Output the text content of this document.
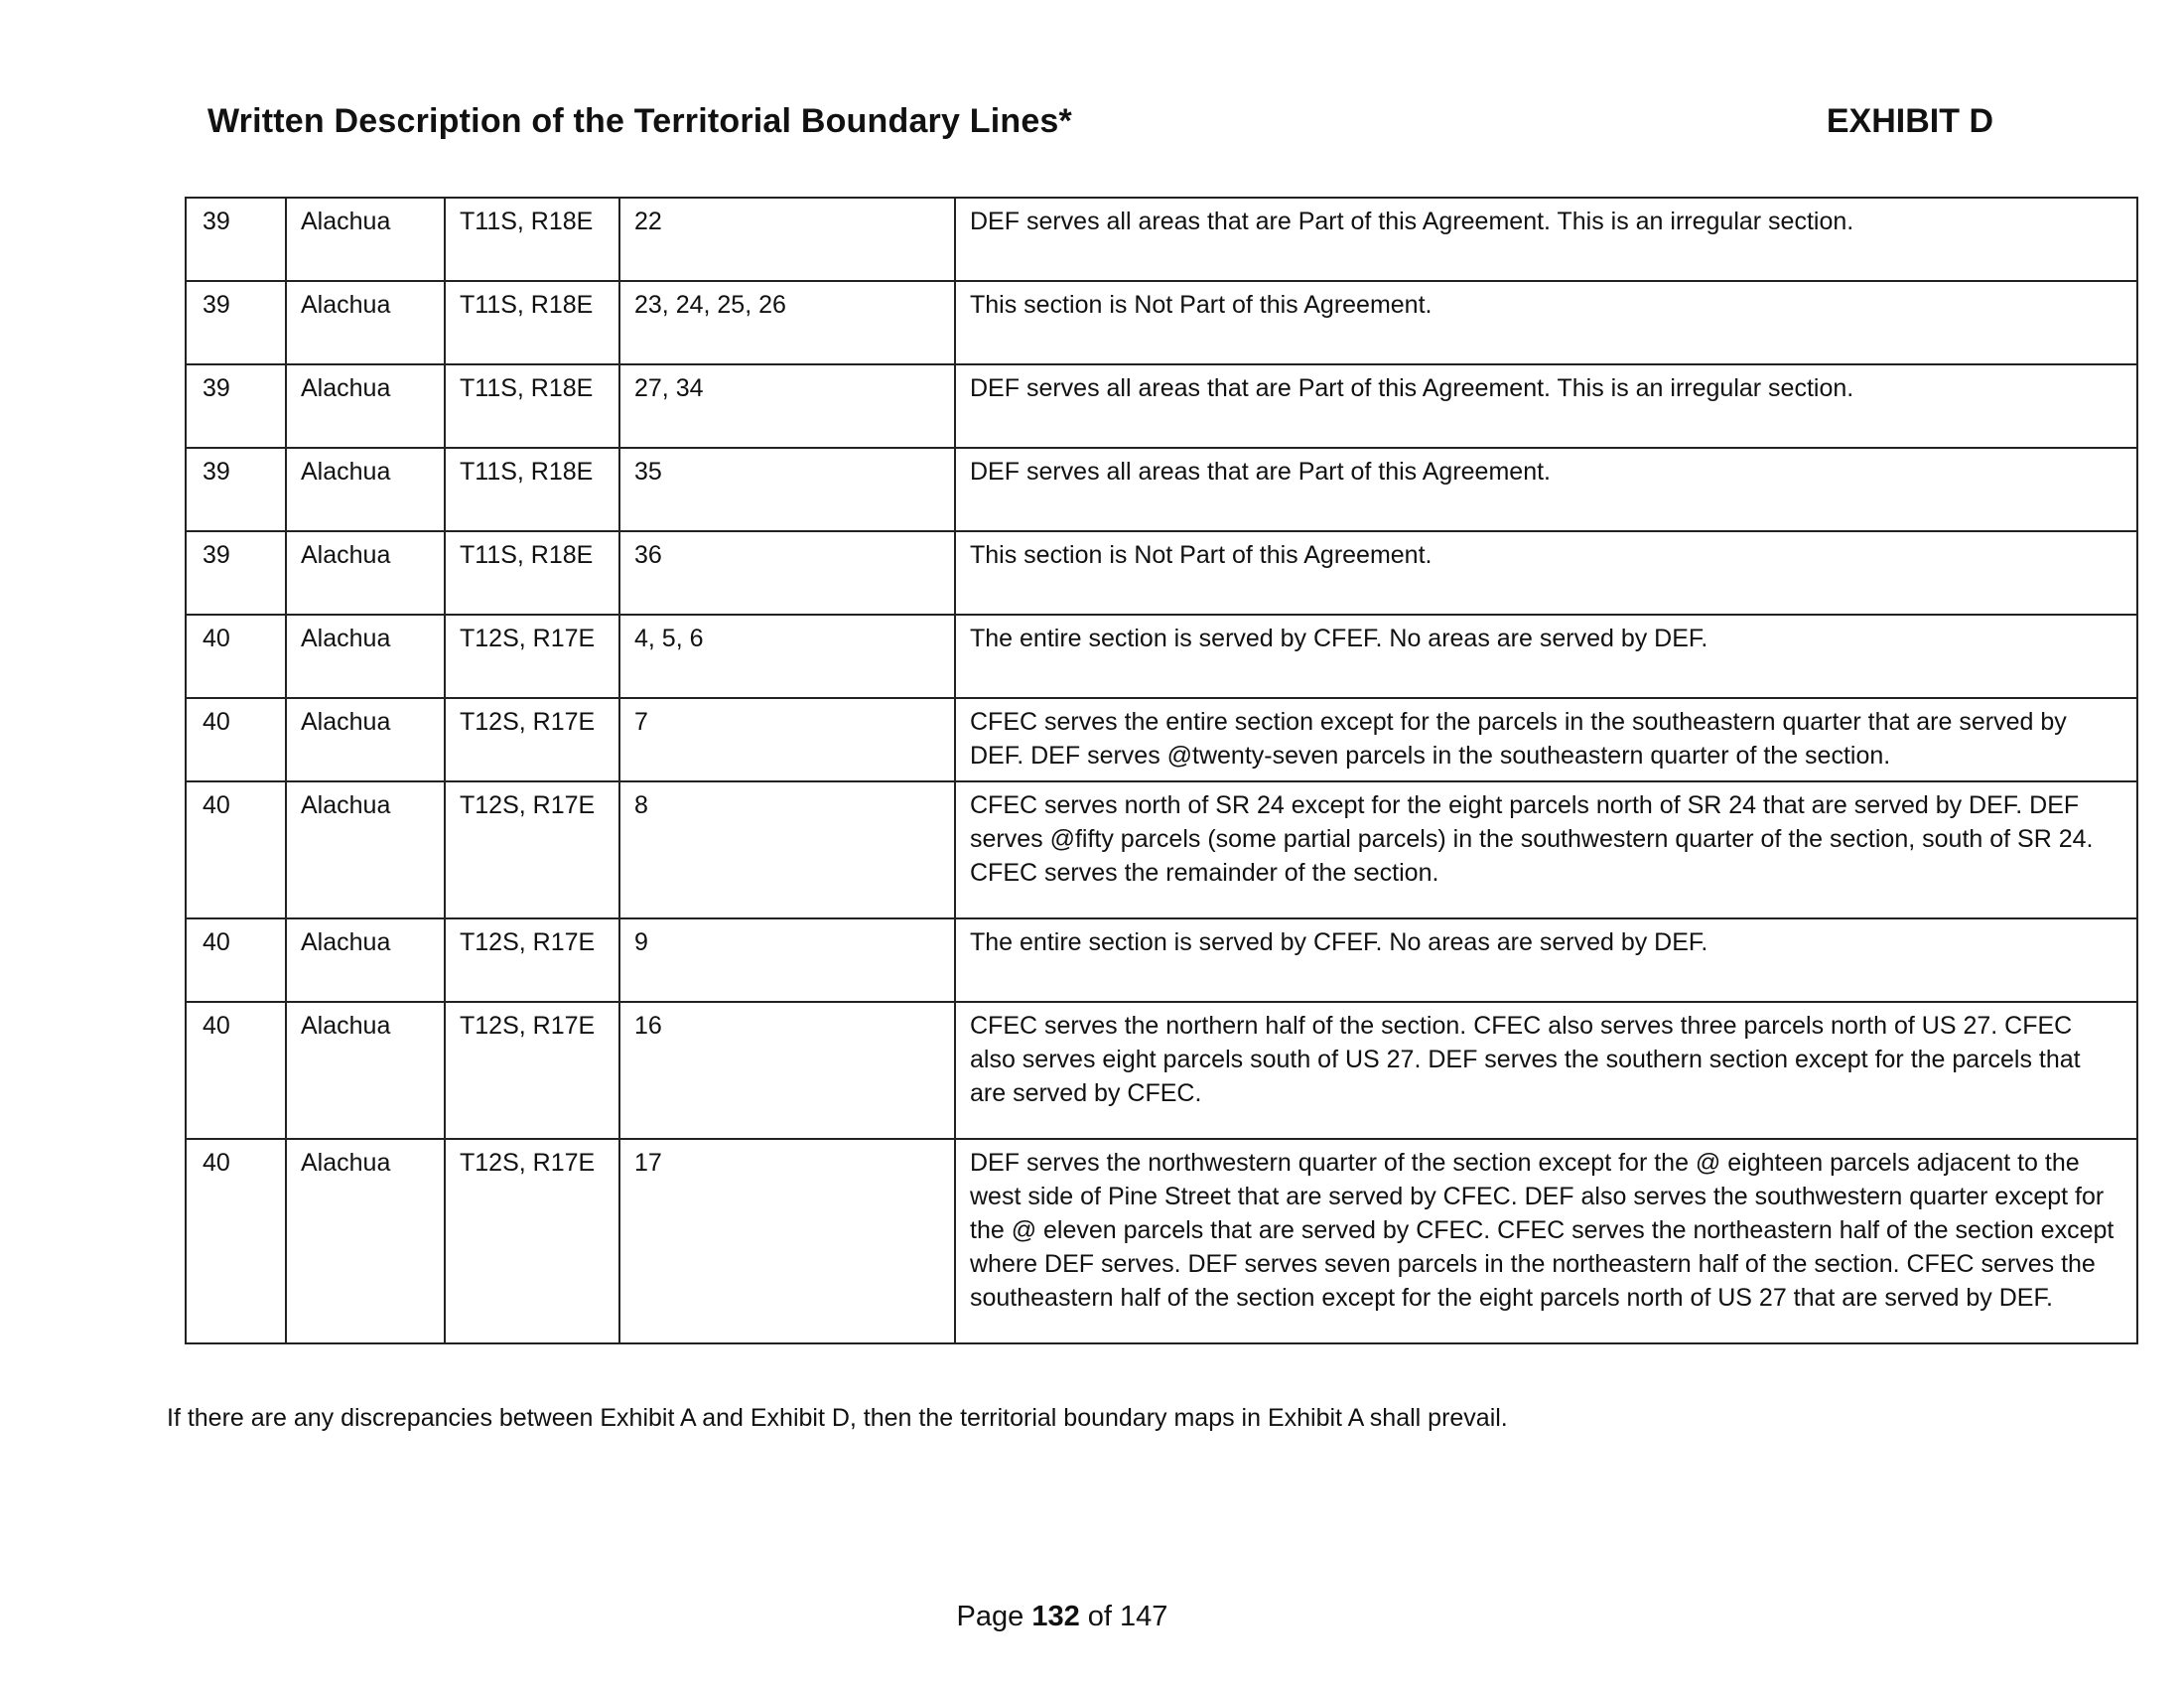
Written Description of the Territorial Boundary Lines*	EXHIBIT D
39	Alachua	T11S, R18E	22	DEF serves all areas that are Part of this Agreement. This is an irregular section.
39	Alachua	T11S, R18E	23, 24, 25, 26	This section is Not Part of this Agreement.
39	Alachua	T11S, R18E	27, 34	DEF serves all areas that are Part of this Agreement. This is an irregular section.
39	Alachua	T11S, R18E	35	DEF serves all areas that are Part of this Agreement.
39	Alachua	T11S, R18E	36	This section is Not Part of this Agreement.
40	Alachua	T12S, R17E	4, 5, 6	The entire section is served by CFEF. No areas are served by DEF.
40	Alachua	T12S, R17E	7	CFEC serves the entire section except for the parcels in the southeastern quarter that are served by DEF. DEF serves @twenty-seven parcels in the southeastern quarter of the section.
40	Alachua	T12S, R17E	8	CFEC serves north of SR 24 except for the eight parcels north of SR 24 that are served by DEF. DEF serves @fifty parcels (some partial parcels) in the southwestern quarter of the section, south of SR 24. CFEC serves the remainder of the section.
40	Alachua	T12S, R17E	9	The entire section is served by CFEF. No areas are served by DEF.
40	Alachua	T12S, R17E	16	CFEC serves the northern half of the section. CFEC also serves three parcels north of US 27. CFEC also serves eight parcels south of US 27. DEF serves the southern section except for the parcels that are served by CFEC.
40	Alachua	T12S, R17E	17	DEF serves the northwestern quarter of the section except for the @ eighteen parcels adjacent to the west side of Pine Street that are served by CFEC. DEF also serves the southwestern quarter except for the @ eleven parcels that are served by CFEC. CFEC serves the northeastern half of the section except where DEF serves. DEF serves seven parcels in the northeastern half of the section. CFEC serves the southeastern half of the section except for the eight parcels north of US 27 that are served by DEF.
If there are any discrepancies between Exhibit A and Exhibit D, then the territorial boundary maps in Exhibit A shall prevail.
Page 132 of 147
